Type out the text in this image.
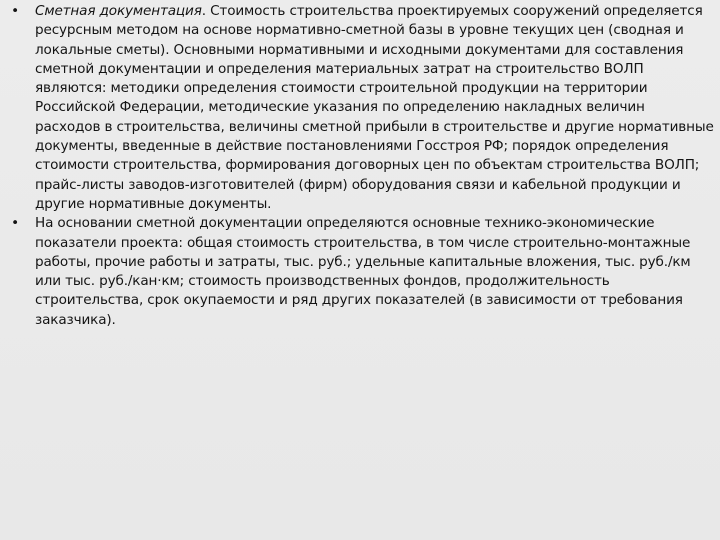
• Сметная документация. Стоимость строительства проектируемых сооружений определяется ресурсным методом на основе нормативно-сметной базы в уровне текущих цен (сводная и локальные сметы). Основными нормативными и исходными документами для составления сметной документации и определения материальных затрат на строительство ВОЛП являются: методики определения стоимости строительной продукции на территории Российской Федерации, методические указания по определению накладных величин расходов в строительства, величины сметной прибыли в строительстве и другие нормативные документы, введенные в действие постановлениями Госстроя РФ; порядок определения стоимости строительства, формирования договорных цен по объектам строительства ВОЛП; прайс-листы заводов-изготовителей (фирм) оборудования связи и кабельной продукции и другие нормативные документы.
• На основании сметной документации определяются основные технико-экономические показатели проекта: общая стоимость строительства, в том числе строительно-монтажные работы, прочие работы и затраты, тыс. руб.; удельные капитальные вложения, тыс. руб./км или тыс. руб./кан·км; стоимость производственных фондов, продолжительность строительства, срок окупаемости и ряд других показателей (в зависимости от требования заказчика).
